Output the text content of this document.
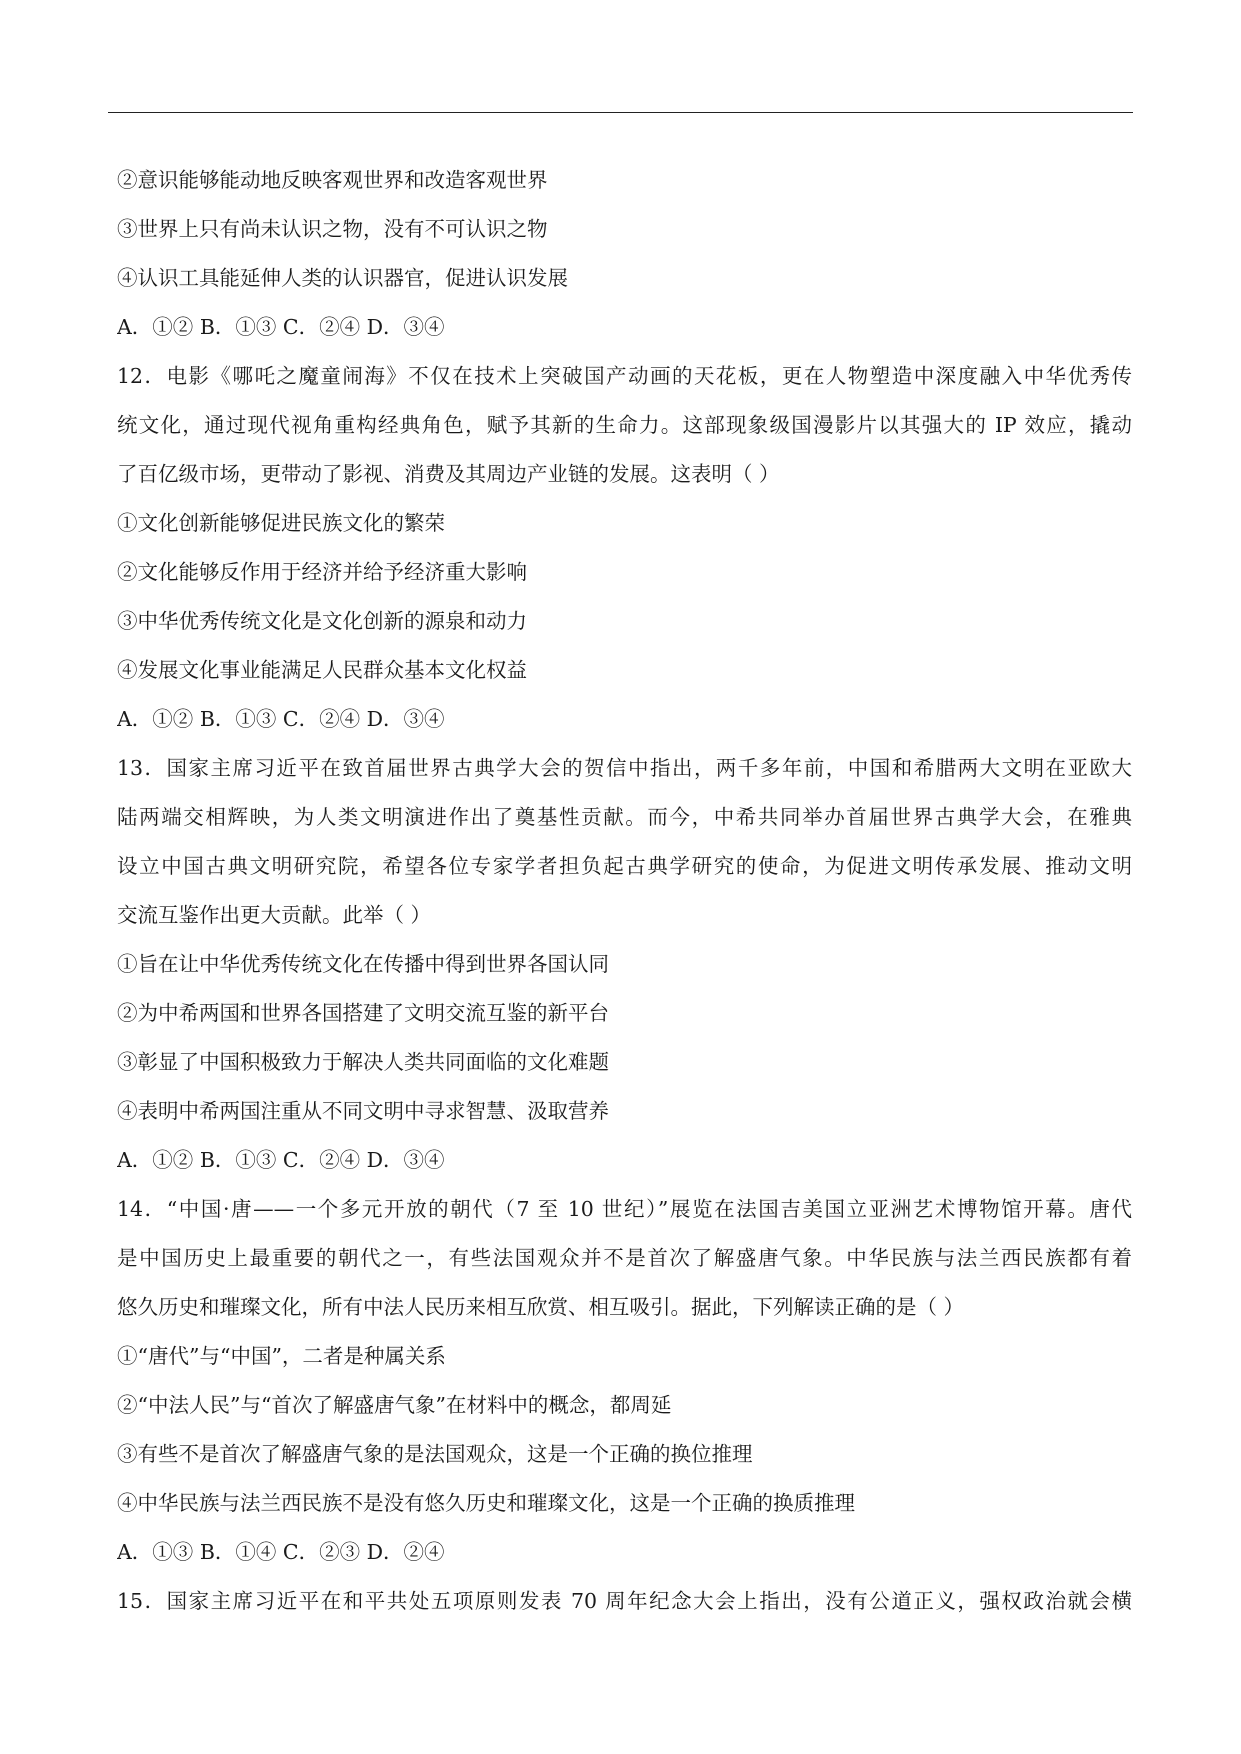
②意识能够能动地反映客观世界和改造客观世界
③世界上只有尚未认识之物，没有不可认识之物
④认识工具能延伸人类的认识器官，促进认识发展
A．①② B．①③ C．②④ D．③④
12．电影《哪吒之魔童闹海》不仅在技术上突破国产动画的天花板，更在人物塑造中深度融入中华优秀传
统文化，通过现代视角重构经典角色，赋予其新的生命力。这部现象级国漫影片以其强大的 IP 效应，撬动
了百亿级市场，更带动了影视、消费及其周边产业链的发展。这表明（ ）
①文化创新能够促进民族文化的繁荣
②文化能够反作用于经济并给予经济重大影响
③中华优秀传统文化是文化创新的源泉和动力
④发展文化事业能满足人民群众基本文化权益
A．①② B．①③ C．②④ D．③④
13．国家主席习近平在致首届世界古典学大会的贺信中指出，两千多年前，中国和希腊两大文明在亚欧大
陆两端交相辉映，为人类文明演进作出了奠基性贡献。而今，中希共同举办首届世界古典学大会，在雅典
设立中国古典文明研究院，希望各位专家学者担负起古典学研究的使命，为促进文明传承发展、推动文明
交流互鉴作出更大贡献。此举（ ）
①旨在让中华优秀传统文化在传播中得到世界各国认同
②为中希两国和世界各国搭建了文明交流互鉴的新平台
③彰显了中国积极致力于解决人类共同面临的文化难题
④表明中希两国注重从不同文明中寻求智慧、汲取营养
A．①② B．①③ C．②④ D．③④
14．“中国·唐——一个多元开放的朝代（7 至 10 世纪）”展览在法国吉美国立亚洲艺术博物馆开幕。唐代
是中国历史上最重要的朝代之一，有些法国观众并不是首次了解盛唐气象。中华民族与法兰西民族都有着
悠久历史和璀璨文化，所有中法人民历来相互欣赏、相互吸引。据此，下列解读正确的是（ ）
①“唐代”与“中国”，二者是种属关系
②“中法人民”与“首次了解盛唐气象”在材料中的概念，都周延
③有些不是首次了解盛唐气象的是法国观众，这是一个正确的换位推理
④中华民族与法兰西民族不是没有悠久历史和璀璨文化，这是一个正确的换质推理
A．①③ B．①④ C．②③ D．②④
15．国家主席习近平在和平共处五项原则发表 70 周年纪念大会上指出，没有公道正义，强权政治就会横
